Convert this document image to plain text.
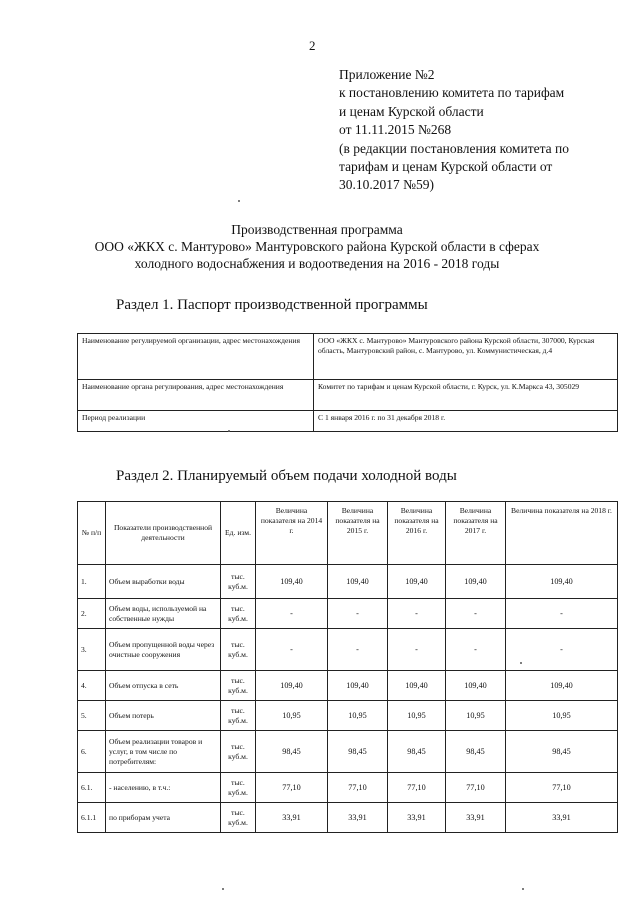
2
Приложение №2
к постановлению комитета по тарифам
и ценам Курской области
от 11.11.2015 №268
(в редакции постановления комитета по
тарифам и ценам Курской области от
30.10.2017 №59)
Производственная программа
ООО «ЖКХ с. Мантурово» Мантуровского района Курской области в сферах
холодного водоснабжения и водоотведения на 2016 - 2018 годы
Раздел 1. Паспорт производственной программы
Наименование регулируемой организации, адрес местонахождения	ООО «ЖКХ с. Мантурово» Мантуровского района Курской области, 307000, Курская область, Мантуровский район, с. Мантурово, ул. Коммунистическая, д.4
Наименование органа регулирования, адрес местонахождения	Комитет по тарифам и ценам Курской области, г. Курск, ул. К.Маркса 43, 305029
Период реализации	С 1 января 2016 г. по 31 декабря 2018 г.
Раздел 2. Планируемый объем подачи холодной воды
№ п/п	Показатели производственной деятельности	Ед. изм.	Величина показателя на 2014 г.	Величина показателя на 2015 г.	Величина показателя на 2016 г.	Величина показателя на 2017 г.	Величина показателя на 2018 г.
1.	Объем выработки воды	тыс. куб.м.	109,40	109,40	109,40	109,40	109,40
2.	Объем воды, используемой на собственные нужды	тыс. куб.м.	-	-	-	-	-
3.	Объем пропущенной воды через очистные сооружения	тыс. куб.м.	-	-	-	-	-
4.	Объем отпуска в сеть	тыс. куб.м.	109,40	109,40	109,40	109,40	109,40
5.	Объем потерь	тыс. куб.м.	10,95	10,95	10,95	10,95	10,95
6.	Объем реализации товаров и услуг, в том числе по потребителям:	тыс. куб.м.	98,45	98,45	98,45	98,45	98,45
6.1.	- населению, в т.ч.:	тыс. куб.м.	77,10	77,10	77,10	77,10	77,10
6.1.1	по приборам учета	тыс. куб.м.	33,91	33,91	33,91	33,91	33,91
